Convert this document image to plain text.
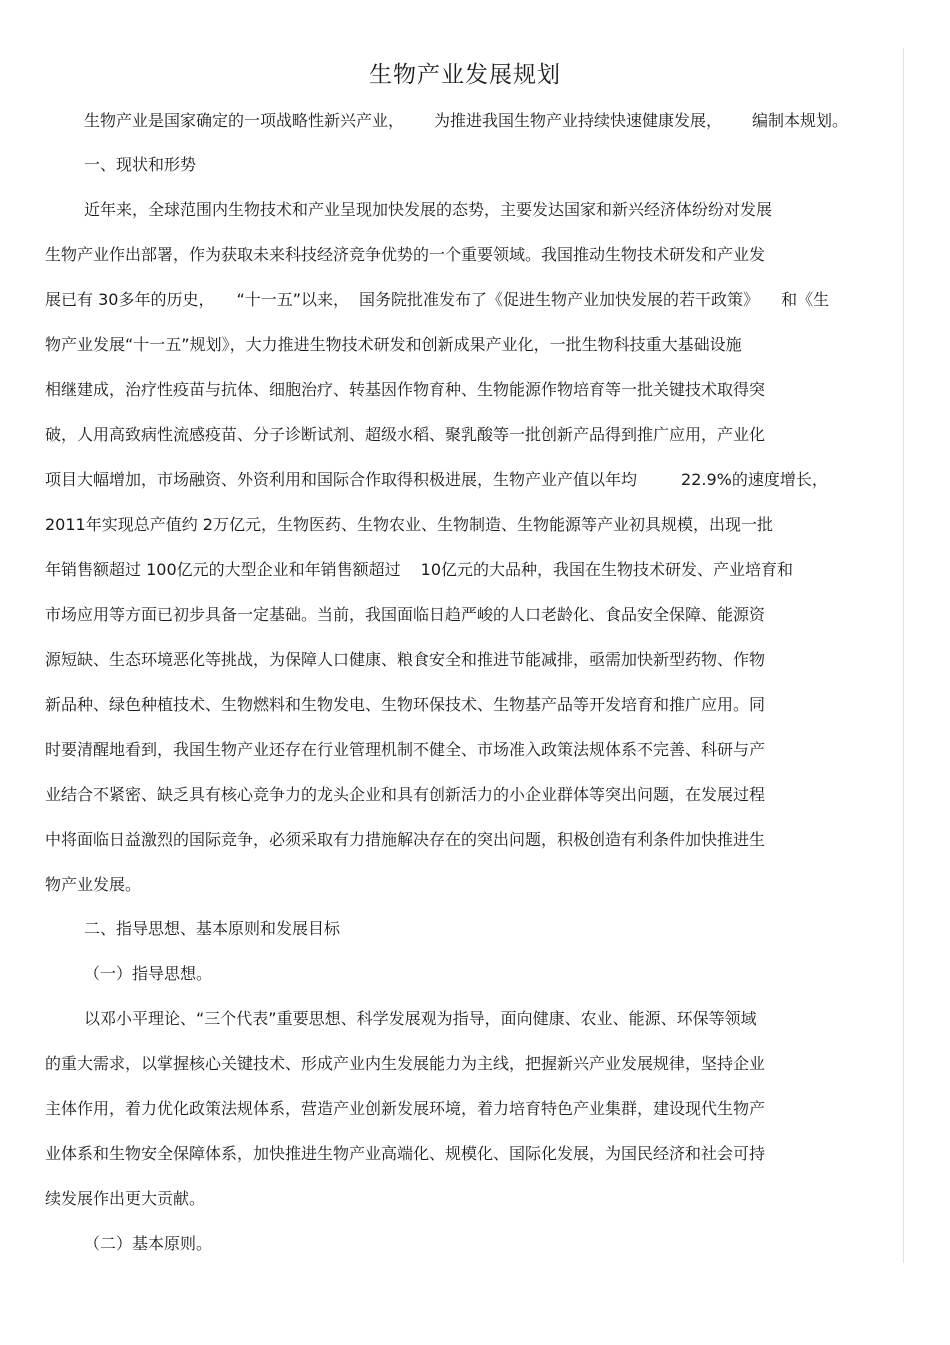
生物产业发展规划
生物产业是国家确定的一项战略性新兴产业， 为推进我国生物产业持续快速健康发展， 编制本规划。
一、现状和形势
近年来，全球范围内生物技术和产业呈现加快发展的态势，主要发达国家和新兴经济体纷纷对发展
生物产业作出部署，作为获取未来科技经济竞争优势的一个重要领域。我国推动生物技术研发和产业发
展已有 30多年的历史， “十一五”以来， 国务院批准发布了《促进生物产业加快发展的若干政策》 和《生
物产业发展“十一五”规划》，大力推进生物技术研发和创新成果产业化，一批生物科技重大基础设施
相继建成，治疗性疫苗与抗体、细胞治疗、转基因作物育种、生物能源作物培育等一批关键技术取得突
破，人用高致病性流感疫苗、分子诊断试剂、超级水稻、聚乳酸等一批创新产品得到推广应用，产业化
项目大幅增加，市场融资、外资利用和国际合作取得积极进展，生物产业产值以年均	22.9%的速度增长，
2011年实现总产值约 2万亿元，生物医药、生物农业、生物制造、生物能源等产业初具规模，出现一批
年销售额超过 100亿元的大型企业和年销售额超过 10亿元的大品种，我国在生物技术研发、产业培育和
市场应用等方面已初步具备一定基础。当前，我国面临日趋严峻的人口老龄化、食品安全保障、能源资
源短缺、生态环境恶化等挑战，为保障人口健康、粮食安全和推进节能减排，亟需加快新型药物、作物
新品种、绿色种植技术、生物燃料和生物发电、生物环保技术、生物基产品等开发培育和推广应用。同
时要清醒地看到，我国生物产业还存在行业管理机制不健全、市场准入政策法规体系不完善、科研与产
业结合不紧密、缺乏具有核心竞争力的龙头企业和具有创新活力的小企业群体等突出问题，在发展过程
中将面临日益激烈的国际竞争，必须采取有力措施解决存在的突出问题，积极创造有利条件加快推进生
物产业发展。
二、指导思想、基本原则和发展目标
（一）指导思想。
以邓小平理论、“三个代表”重要思想、科学发展观为指导，面向健康、农业、能源、环保等领域
的重大需求，以掌握核心关键技术、形成产业内生发展能力为主线，把握新兴产业发展规律，坚持企业
主体作用，着力优化政策法规体系，营造产业创新发展环境，着力培育特色产业集群，建设现代生物产
业体系和生物安全保障体系，加快推进生物产业高端化、规模化、国际化发展，为国民经济和社会可持
续发展作出更大贡献。
（二）基本原则。
